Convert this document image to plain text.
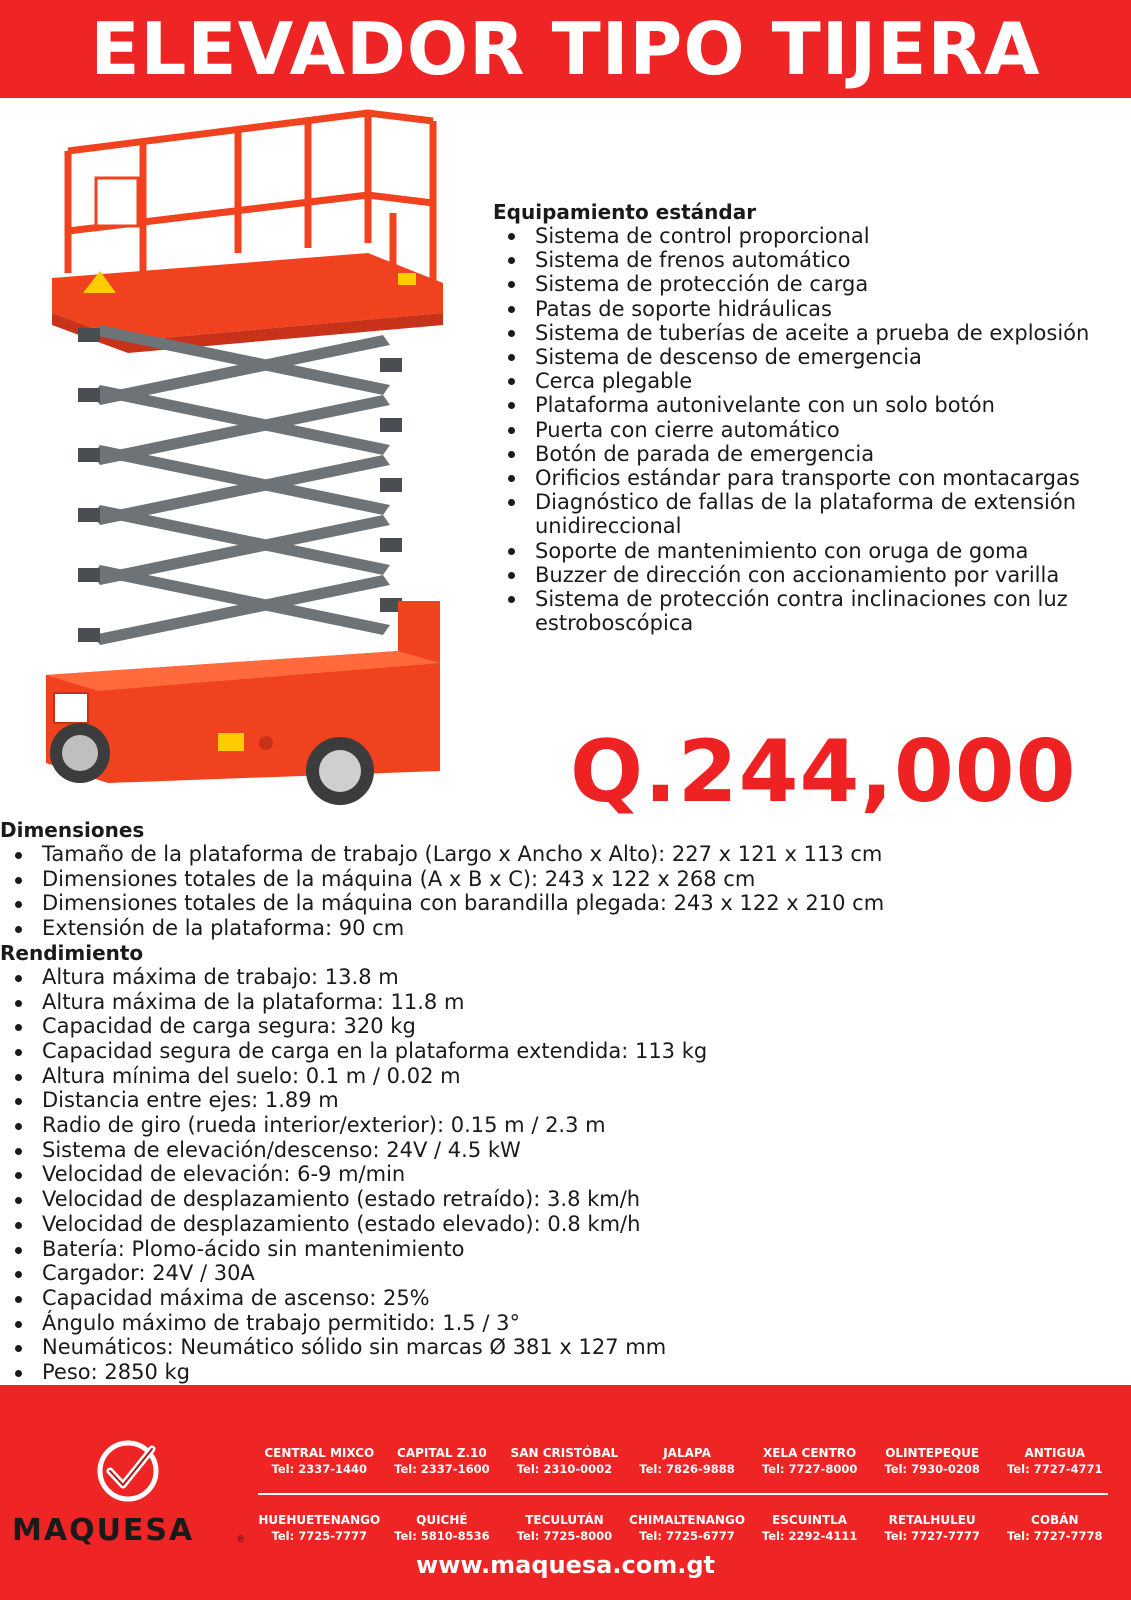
ELEVADOR TIPO TIJERA

Equipamiento estándar

Sistema de control proporcional
Sistema de frenos automático
Sistema de protección de carga
Patas de soporte hidráulicas
Sistema de tuberías de aceite a prueba de explosión
Sistema de descenso de emergencia
Cerca plegable
Plataforma autonivelante con un solo botón
Puerta con cierre automático
Botón de parada de emergencia
Orificios estándar para transporte con montacargas
Diagnóstico de fallas de la plataforma de extensión unidireccional
Soporte de mantenimiento con oruga de goma
Buzzer de dirección con accionamiento por varilla
Sistema de protección contra inclinaciones con luz estroboscópica
Q.244,000

Dimensiones

Tamaño de la plataforma de trabajo (Largo x Ancho x Alto): 227 x 121 x 113 cm
Dimensiones totales de la máquina (A x B x C): 243 x 122 x 268 cm
Dimensiones totales de la máquina con barandilla plegada: 243 x 122 x 210 cm
Extensión de la plataforma: 90 cm

Rendimiento

Altura máxima de trabajo: 13.8 m
Altura máxima de la plataforma: 11.8 m
Capacidad de carga segura: 320 kg
Capacidad segura de carga en la plataforma extendida: 113 kg
Altura mínima del suelo: 0.1 m / 0.02 m
Distancia entre ejes: 1.89 m
Radio de giro (rueda interior/exterior): 0.15 m / 2.3 m
Sistema de elevación/descenso: 24V / 4.5 kW
Velocidad de elevación: 6-9 m/min
Velocidad de desplazamiento (estado retraído): 3.8 km/h
Velocidad de desplazamiento (estado elevado): 0.8 km/h
Batería: Plomo-ácido sin mantenimiento
Cargador: 24V / 30A
Capacidad máxima de ascenso: 25%
Ángulo máximo de trabajo permitido: 1.5 / 3°
Neumáticos: Neumático sólido sin marcas Ø 381 x 127 mm
Peso: 2850 kg
MAQUESA	®
CENTRAL MIXCO
Tel: 2337-1440
CAPITAL Z.10
Tel: 2337-1600
SAN CRISTÓBAL
Tel: 2310-0002
JALAPA
Tel: 7826-9888
XELA CENTRO
Tel: 7727-8000
OLINTEPEQUE
Tel: 7930-0208
ANTIGUA
Tel: 7727-4771
HUEHUETENANGO
Tel: 7725-7777
QUICHÉ
Tel: 5810-8536
TECULUTÁN
Tel: 7725-8000
CHIMALTENANGO
Tel: 7725-6777
ESCUINTLA
Tel: 2292-4111
RETALHULEU
Tel: 7727-7777
COBÁN
Tel: 7727-7778
www.maquesa.com.gt
